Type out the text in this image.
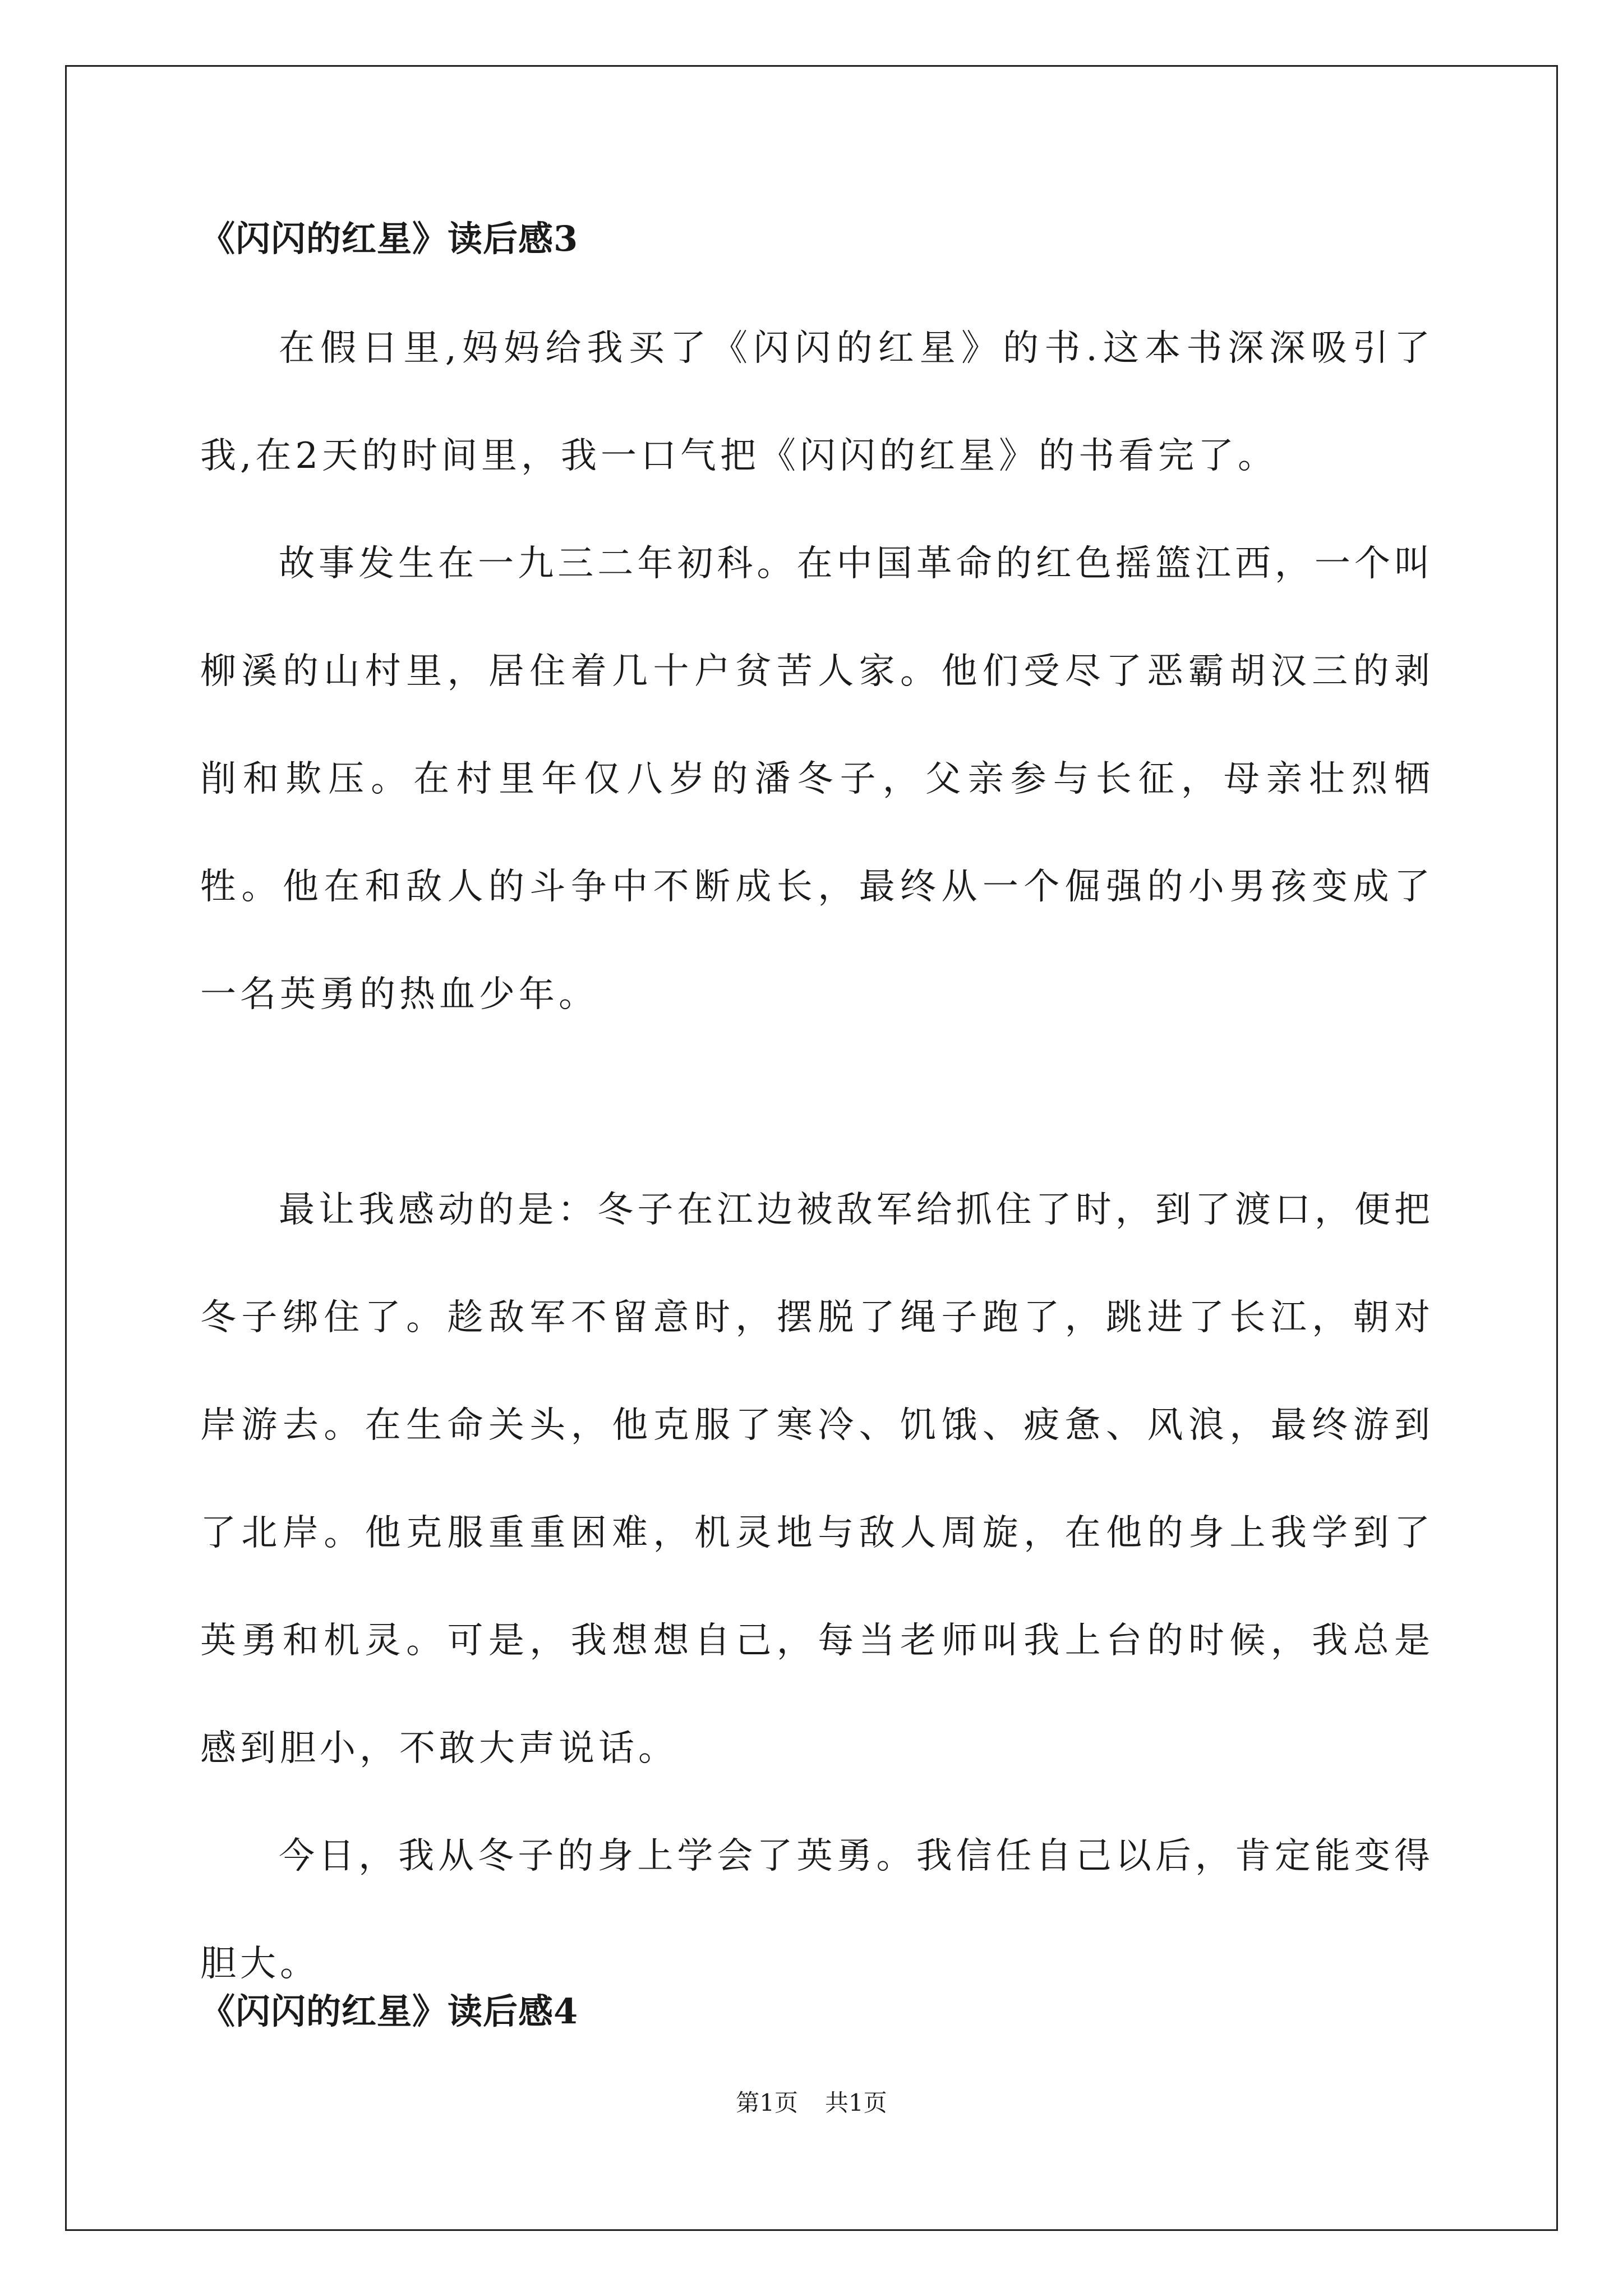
《闪闪的红星》读后感3

在假日里,妈妈给我买了《闪闪的红星》的书.这本书深深吸引了我,在2天的时间里，我一口气把《闪闪的红星》的书看完了。

故事发生在一九三二年初科。在中国革命的红色摇篮江西，一个叫柳溪的山村里，居住着几十户贫苦人家。他们受尽了恶霸胡汉三的剥削和欺压。在村里年仅八岁的潘冬子，父亲参与长征，母亲壮烈牺牲。他在和敌人的斗争中不断成长，最终从一个倔强的小男孩变成了一名英勇的热血少年。

最让我感动的是：冬子在江边被敌军给抓住了时，到了渡口，便把冬子绑住了。趁敌军不留意时，摆脱了绳子跑了，跳进了长江，朝对岸游去。在生命关头，他克服了寒冷、饥饿、疲惫、风浪，最终游到了北岸。他克服重重困难，机灵地与敌人周旋，在他的身上我学到了英勇和机灵。可是，我想想自己，每当老师叫我上台的时候，我总是感到胆小，不敢大声说话。

今日，我从冬子的身上学会了英勇。我信任自己以后，肯定能变得胆大。

《闪闪的红星》读后感4
第1页 共1页
